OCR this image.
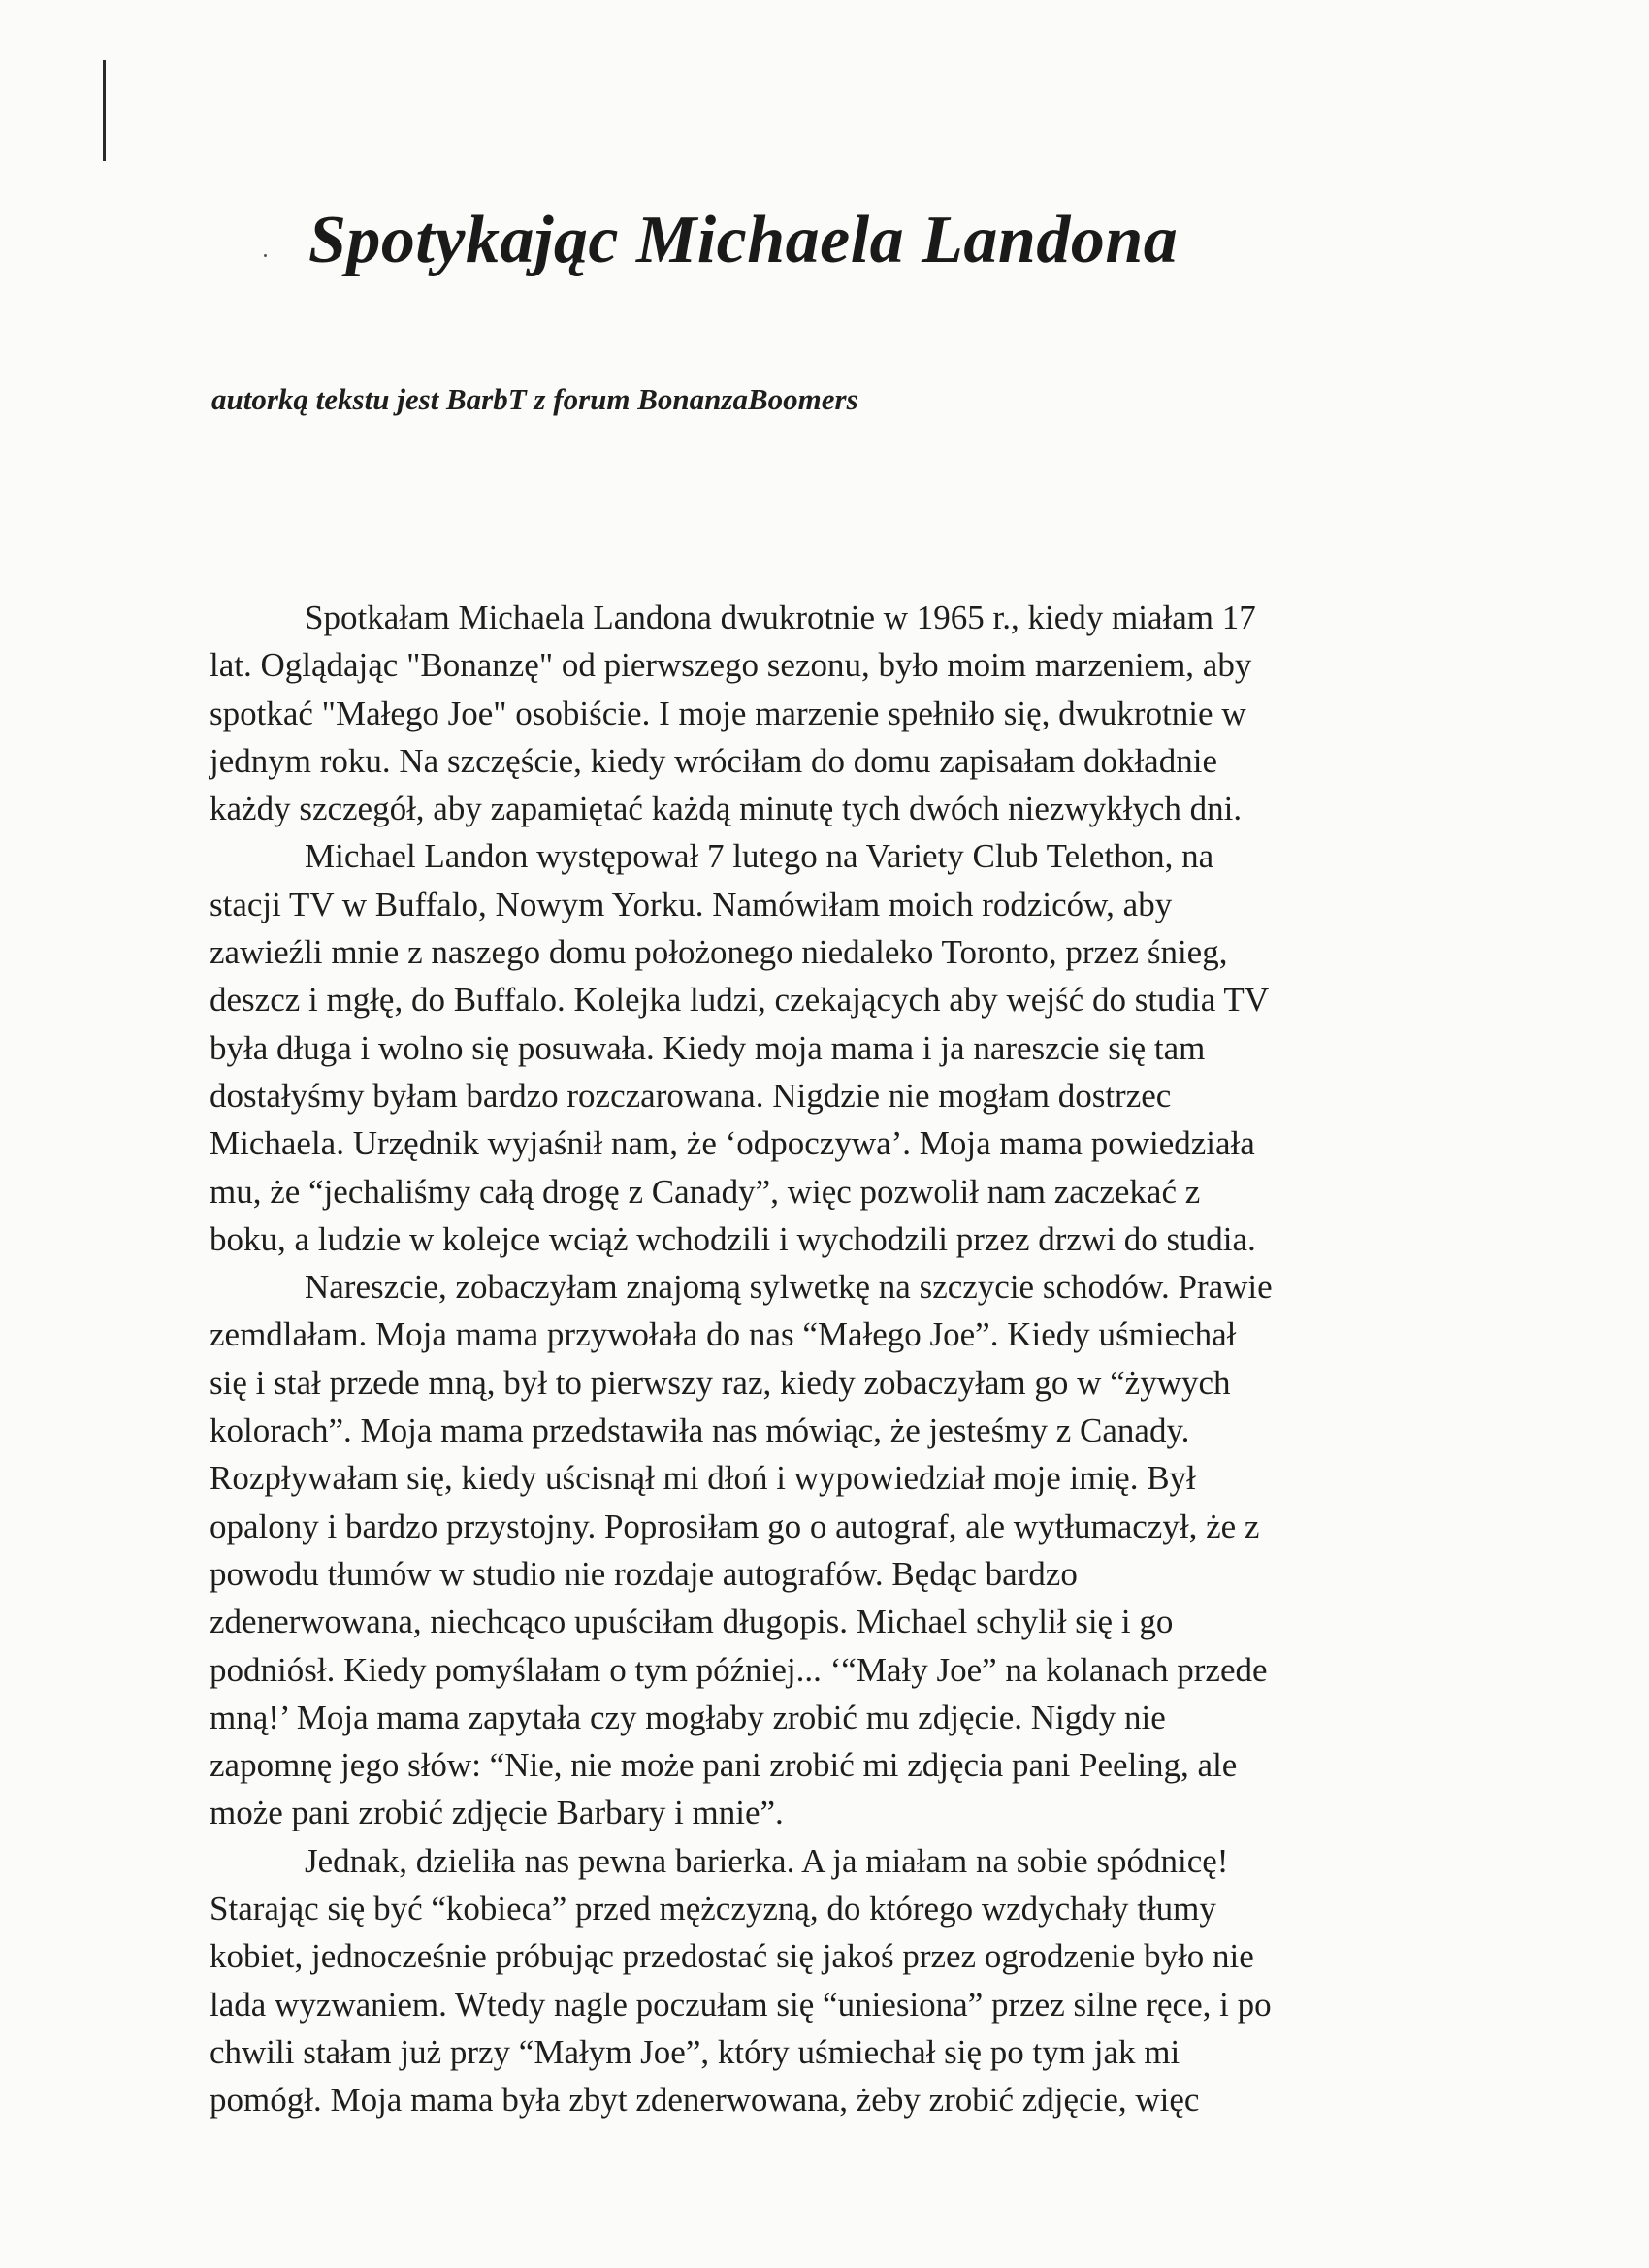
Spotykając Michaela Landona

autorką tekstu jest BarbT z forum BonanzaBoomers

Spotkałam Michaela Landona dwukrotnie w 1965 r., kiedy miałam 17
lat. Oglądając "Bonanzę" od pierwszego sezonu, było moim marzeniem, aby
spotkać "Małego Joe" osobiście. I moje marzenie spełniło się, dwukrotnie w
jednym roku. Na szczęście, kiedy wróciłam do domu zapisałam dokładnie
każdy szczegół, aby zapamiętać każdą minutę tych dwóch niezwykłych dni.
Michael Landon występował 7 lutego na Variety Club Telethon, na
stacji TV w Buffalo, Nowym Yorku. Namówiłam moich rodziców, aby
zawieźli mnie z naszego domu położonego niedaleko Toronto, przez śnieg,
deszcz i mgłę, do Buffalo. Kolejka ludzi, czekających aby wejść do studia TV
była długa i wolno się posuwała. Kiedy moja mama i ja nareszcie się tam
dostałyśmy byłam bardzo rozczarowana. Nigdzie nie mogłam dostrzec
Michaela. Urzędnik wyjaśnił nam, że ‘odpoczywa’. Moja mama powiedziała
mu, że “jechaliśmy całą drogę z Canady”, więc pozwolił nam zaczekać z
boku, a ludzie w kolejce wciąż wchodzili i wychodzili przez drzwi do studia.
Nareszcie, zobaczyłam znajomą sylwetkę na szczycie schodów. Prawie
zemdlałam. Moja mama przywołała do nas “Małego Joe”. Kiedy uśmiechał
się i stał przede mną, był to pierwszy raz, kiedy zobaczyłam go w “żywych
kolorach”. Moja mama przedstawiła nas mówiąc, że jesteśmy z Canady.
Rozpływałam się, kiedy uścisnął mi dłoń i wypowiedział moje imię. Był
opalony i bardzo przystojny. Poprosiłam go o autograf, ale wytłumaczył, że z
powodu tłumów w studio nie rozdaje autografów. Będąc bardzo
zdenerwowana, niechcąco upuściłam długopis. Michael schylił się i go
podniósł. Kiedy pomyślałam o tym później... ‘“Mały Joe” na kolanach przede
mną!’ Moja mama zapytała czy mogłaby zrobić mu zdjęcie. Nigdy nie
zapomnę jego słów: “Nie, nie może pani zrobić mi zdjęcia pani Peeling, ale
może pani zrobić zdjęcie Barbary i mnie”.
Jednak, dzieliła nas pewna barierka. A ja miałam na sobie spódnicę!
Starając się być “kobieca” przed mężczyzną, do którego wzdychały tłumy
kobiet, jednocześnie próbując przedostać się jakoś przez ogrodzenie było nie
lada wyzwaniem. Wtedy nagle poczułam się “uniesiona” przez silne ręce, i po
chwili stałam już przy “Małym Joe”, który uśmiechał się po tym jak mi
pomógł. Moja mama była zbyt zdenerwowana, żeby zrobić zdjęcie, więc
